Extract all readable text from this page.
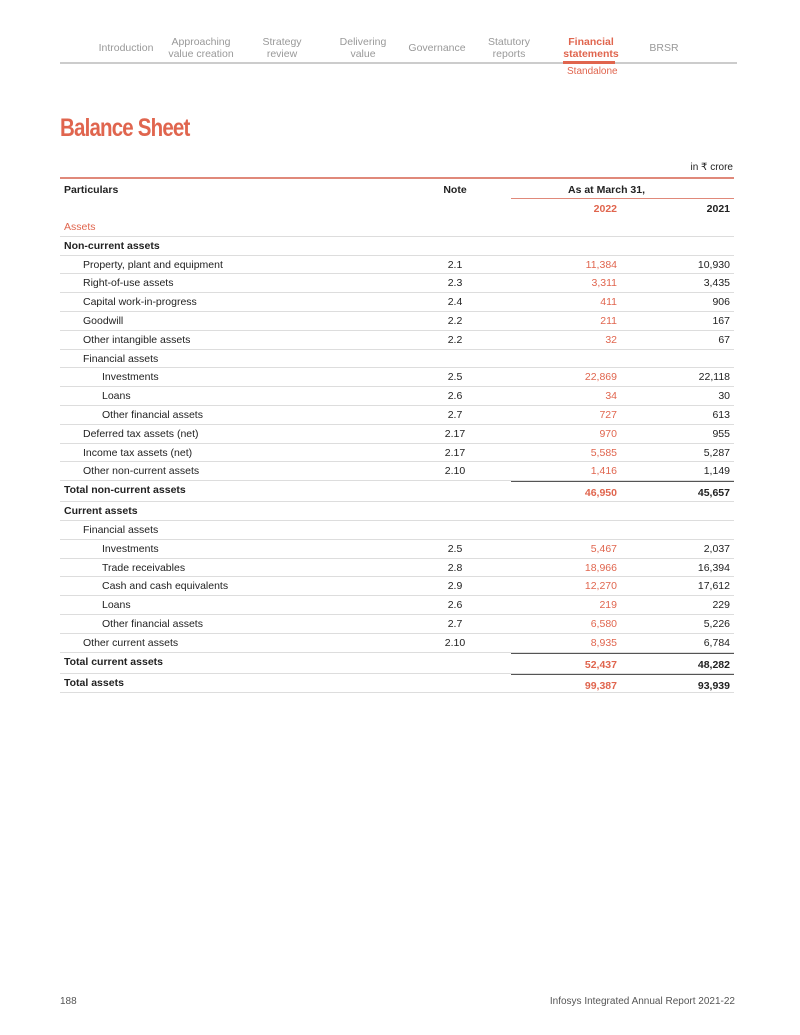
Introduction	Approaching value creation
Strategy review
Delivering value	Governance	Statutory reports
Financial statements	BRSR
Standalone
Balance Sheet
in ₹ crore
Particulars	Note	As at March 31,
2022	2021
Assets
Non-current assets
Property, plant and equipment	2.1	11,384	10,930
Right-of-use assets	2.3	3,311	3,435
Capital work-in-progress	2.4	411	906
Goodwill	2.2	211	167
Other intangible assets	2.2	32	67
Financial assets
Investments	2.5	22,869	22,118
Loans	2.6	34	30
Other financial assets	2.7	727	613
Deferred tax assets (net)	2.17	970	955
Income tax assets (net)	2.17	5,585	5,287
Other non-current assets	2.10	1,416	1,149
Total non-current assets	46,950	45,657
Current assets
Financial assets
Investments	2.5	5,467	2,037
Trade receivables	2.8	18,966	16,394
Cash and cash equivalents	2.9	12,270	17,612
Loans	2.6	219	229
Other financial assets	2.7	6,580	5,226
Other current assets	2.10	8,935	6,784
Total current assets	52,437	48,282
Total assets	99,387	93,939
188	Infosys Integrated Annual Report 2021-22
